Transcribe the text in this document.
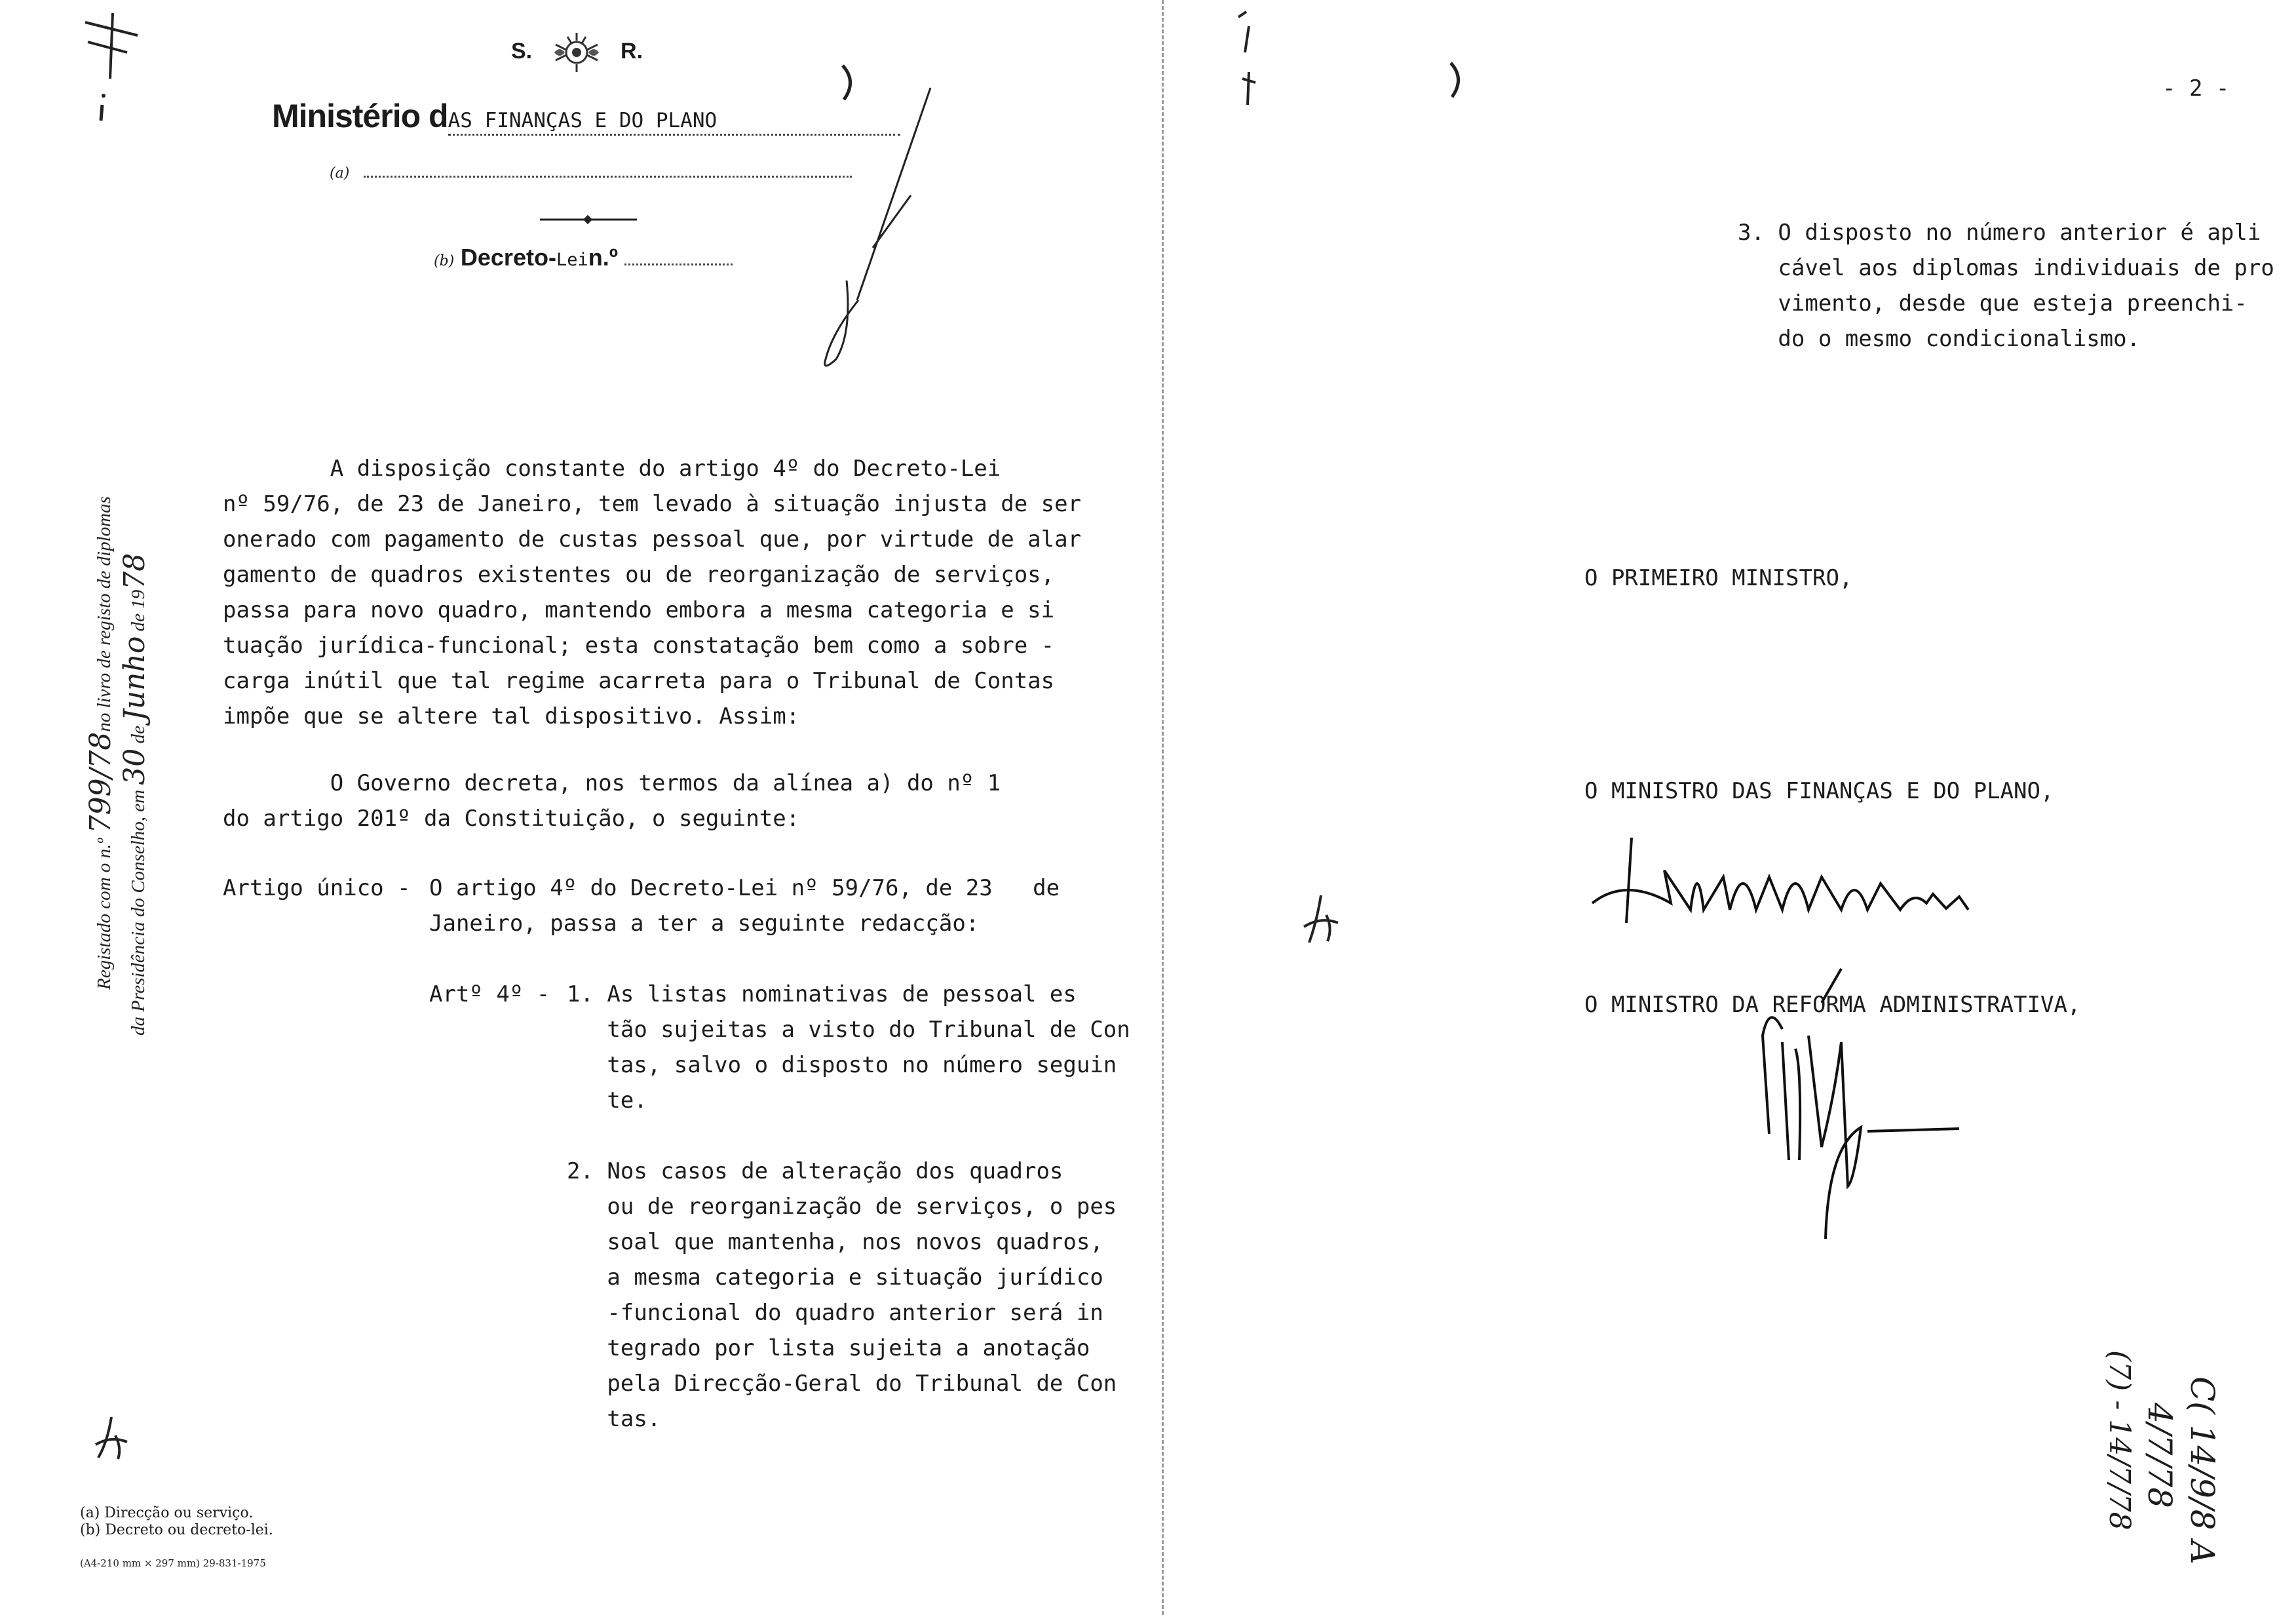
S.	R.
Ministério dAS FINANÇAS E DO PLANO
(a)
(b) Decreto-Lein.º
Registado com o n.º 799/78no livro de registo de diplomas
da Presidência do Conselho, em 30 de Junho de 1978
A disposição constante do artigo 4º do Decreto-Lei
nº 59/76, de 23 de Janeiro, tem levado à situação injusta de ser
onerado com pagamento de custas pessoal que, por virtude de alar
gamento de quadros existentes ou de reorganização de serviços,
passa para novo quadro, mantendo embora a mesma categoria e si
tuação jurídica-funcional; esta constatação bem como a sobre -
carga inútil que tal regime acarreta para o Tribunal de Contas
impõe que se altere tal dispositivo. Assim:
O Governo decreta, nos termos da alínea a) do nº 1
do artigo 201º da Constituição, o seguinte:
Artigo único - O artigo 4º do Decreto-Lei nº 59/76, de 23   de
Janeiro, passa a ter a seguinte redacção:
Artº 4º - 1. As listas nominativas de pessoal es
tão sujeitas a visto do Tribunal de Con
tas, salvo o disposto no número seguin
te.
2. Nos casos de alteração dos quadros
ou de reorganização de serviços, o pes
soal que mantenha, nos novos quadros,
a mesma categoria e situação jurídico
-funcional do quadro anterior será in
tegrado por lista sujeita a anotação
pela Direcção-Geral do Tribunal de Con
tas.
(a) Direcção ou serviço.
(b) Decreto ou decreto-lei.
(A4-210 mm × 297 mm) 29-831-1975
- 2 -
3. O disposto no número anterior é apli
cável aos diplomas individuais de pro
vimento, desde que esteja preenchi-
do o mesmo condicionalismo.
O PRIMEIRO MINISTRO,
O MINISTRO DAS FINANÇAS E DO PLANO,
O MINISTRO DA REFORMA ADMINISTRATIVA,
C( 14/9/8 A
4/7/78
(7) - 14/7/78
